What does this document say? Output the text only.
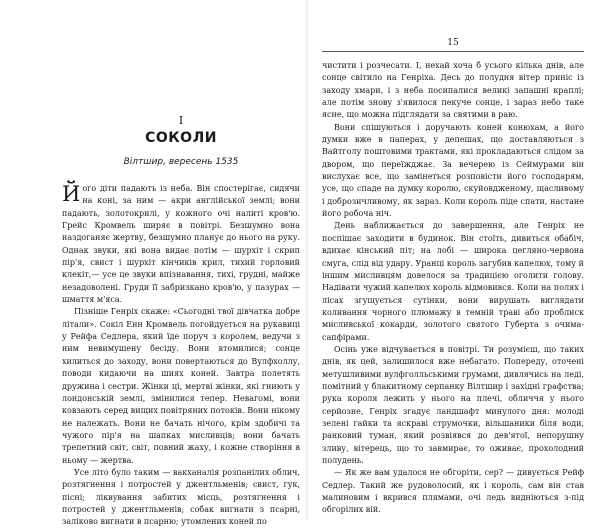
I
СОКОЛИ
Вілтшир, вересень 1535

Його діти падають із неба. Він спостерігає, сидячи на коні, за ним — акри англійської землі; вони падають, золотокрилі, у кожного очі налиті кров'ю. Грейс Кромвель ширяє в повітрі. Безшумно вона наздоганяє жертву, безшумно планує до нього на руку. Однак звуки, які вона видає потім — шурхіт і скрип пір'я, свист і шурхіт кінчиків крил, тихий горловий клекіт,— усе це звуки впізнавання, тихі, грудні, майже незадоволені. Груди її забризкано кров'ю, у пазурах — шмаття м'яса.

Пізніше Генріх скаже: «Сьогодні твої дівчатка добре літали». Сокіл Енн Кромвель погойдується на рукавиці у Рейфа Седлера, який їде поруч з королем, ведучи з ним невимушену бесіду. Вони втомилися; сонце хилиться до заходу, вони повертаються до Вулфхоллу, поводи кидаючи на шиях коней. Завтра полетять дружина і сестри. Жінки ці, мертві жінки, які гниють у лондонській землі, змінилися тепер. Невагомі, вони ковзають серед вищих повітряних потоків. Вони нікому не належать. Вони не бачать нічого, крім здобичі та чужого пір'я на шапках мисливців; вони бачать трепетний світ, світ, повний жаху, і кожне створіння в ньому — жертва.

Усе літо було таким — вакханалія розпанілих облич, розтягнення і потростей у джентльменів; свист, гук, пісні; ліквування забитих місць, розтягнення і потростей у джентльменів; собак вигнати з псарні, заліково вигнати в псарню; утомлених коней по

15

чистити і розчесати. І, нехай хоча б усього кілька днів, але сонце світило на Генріха. Десь до полудня вітер приніс із заходу хмари, і з неба посипалися великі запашні краплі; але потім знову з'явилося пекуче сонце, і зараз небо таке ясне, що можна підглядати за святими в раю.

Вони спішуються і доручають коней конюхам, а його думки вже в паперах, у депешах, що доставляються з Вайтголу поштовими трактами, які прокладаються слідом за двором, що переїжджає. За вечерею із Сеймурами він вислухає все, що замінеться розповісти його господарям, усе, що спаде на думку королю, скуйовдженому, щасливому і доброзичливому, як зараз. Коли король піде спати, настане його робоча ніч.

День наближається до завершення, але Генріх не поспішає заходити в будинок. Він стоїть, дивиться обабіч, вдихає кінський піт; на лобі — широка цегляно-червона смуга, слід від удару. Уранці король загубив капелюх, тому й іншим мисливцям довелося за традицією оголити голову. Надівати чужий капелюх король відмовився. Коли на полях і лісах згущується сутінки, вони вирушать виглядати коливання чорного плюмажу в темній траві або проблиск мисливської кокарди, золотого святого Губерта з очима-сапфірами.

Осінь уже відчувається в повітрі. Ти розумієш, що таких днів, як цей, залишилося вже небагато. Попереду, оточені метушливими вулфголльськими грумами, дивлячись на леді, помітний у блакитному серпанку Вілтшир і західні графства; рука короля лежить у нього на плечі, обличчя у нього серйозне, Генріх згадує ландшафт минулого дня: молоді зелені гайки та яскраві струмочки, вільшаники біля води, ранковий туман, який розвіявся до дев'ятої, непорушну зливу, вітерець, що то завмирає, то оживає, прохолодний полудень.

— Як же вам удалося не обгоріти, сер? — дивується Рейф Седлер. Такий же рудоволосий, як і король, сам він став малиновим і вкрився плямами, очі ледь видніються з-під обгорілих вій.
